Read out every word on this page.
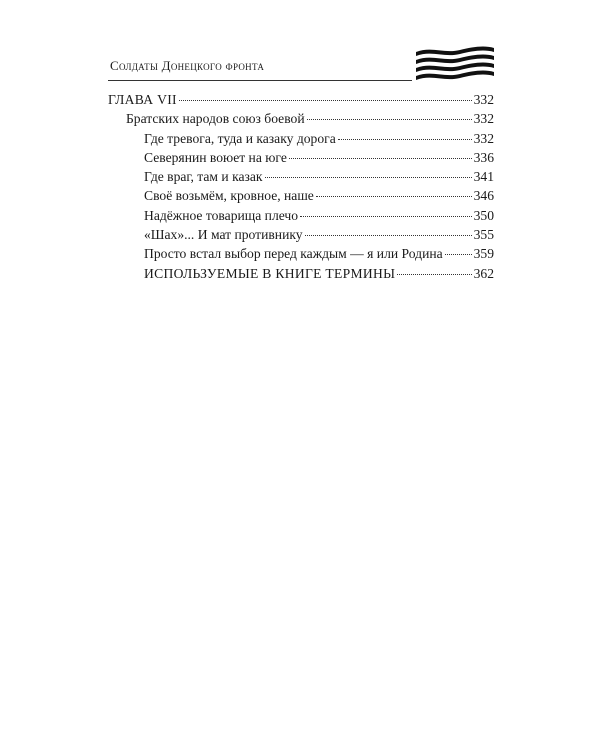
Солдаты Донецкого фронта
ГЛАВА VII	332
Братских народов союз боевой	332
Где тревога, туда и казаку дорога	332
Северянин воюет на юге	336
Где враг, там и казак	341
Своё возьмём, кровное, наше	346
Надёжное товарища плечо	350
«Шах»... И мат противнику	355
Просто встал выбор перед каждым — я или Родина 359
ИСПОЛЬЗУЕМЫЕ В КНИГЕ ТЕРМИНЫ	362
